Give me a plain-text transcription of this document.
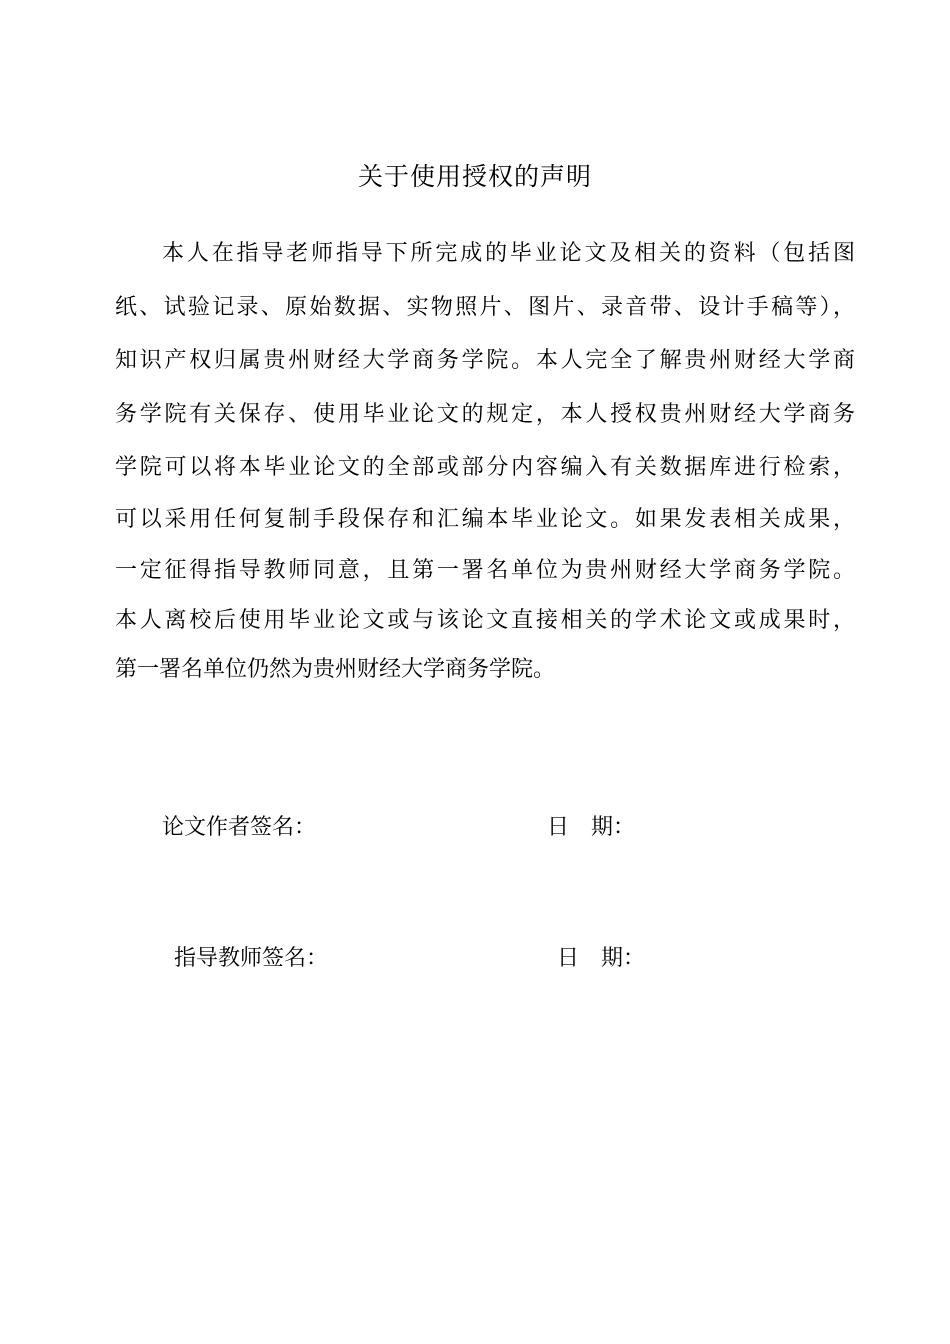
关于使用授权的声明
本人在指导老师指导下所完成的毕业论文及相关的资料（包括图
纸、试验记录、原始数据、实物照片、图片、录音带、设计手稿等），
知识产权归属贵州财经大学商务学院。本人完全了解贵州财经大学商
务学院有关保存、使用毕业论文的规定，本人授权贵州财经大学商务
学院可以将本毕业论文的全部或部分内容编入有关数据库进行检索，
可以采用任何复制手段保存和汇编本毕业论文。如果发表相关成果，
一定征得指导教师同意，且第一署名单位为贵州财经大学商务学院。
本人离校后使用毕业论文或与该论文直接相关的学术论文或成果时，
第一署名单位仍然为贵州财经大学商务学院。
论文作者签名：	日　期：
指导教师签名：	日　期：
